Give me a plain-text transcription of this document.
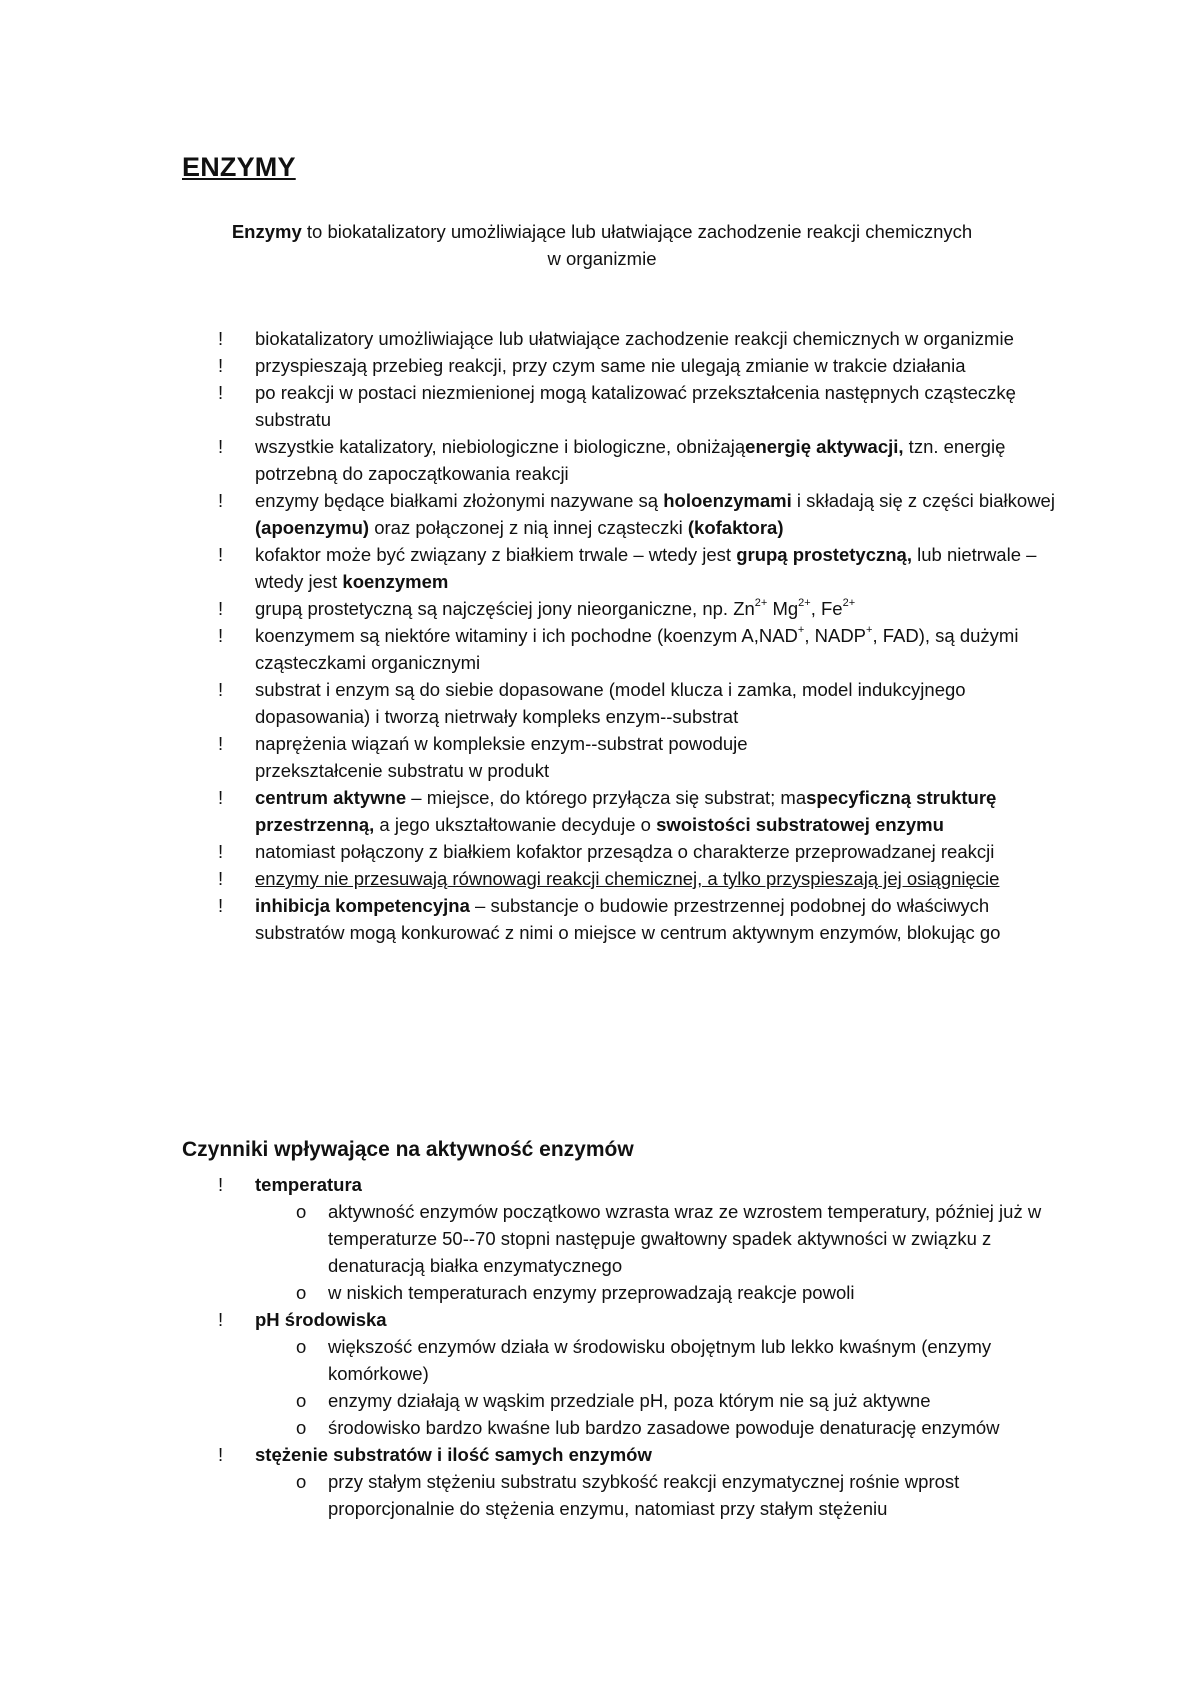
ENZYMY

Enzymy to biokatalizatory umożliwiające lub ułatwiające zachodzenie reakcji chemicznych
w organizmie

! biokatalizatory umożliwiające lub ułatwiające zachodzenie reakcji chemicznych w organizmie
! przyspieszają przebieg reakcji, przy czym same nie ulegają zmianie w trakcie działania
! po reakcji w postaci niezmienionej mogą katalizować przekształcenia następnych cząsteczkę substratu
! wszystkie katalizatory, niebiologiczne i biologiczne, obniżająenergię aktywacji, tzn. energię potrzebną do zapoczątkowania reakcji
! enzymy będące białkami złożonymi nazywane są holoenzymami i składają się z części białkowej (apoenzymu) oraz połączonej z nią innej cząsteczki (kofaktora)
! kofaktor może być związany z białkiem trwale – wtedy jest grupą prostetyczną, lub nietrwale – wtedy jest koenzymem
! grupą prostetyczną są najczęściej jony nieorganiczne, np. $Zn^{2+}$ $Mg^{2+}$, $Fe^{2+}$
! koenzymem są niektóre witaminy i ich pochodne (koenzym A,NAD+, NADP+, FAD), są dużymi cząsteczkami organicznymi
! substrat i enzym są do siebie dopasowane (model klucza i zamka, model indukcyjnego dopasowania) i tworzą nietrwały kompleks enzym--substrat
! naprężenia wiązań w kompleksie enzym--substrat powoduje
przekształcenie substratu w produkt
! centrum aktywne – miejsce, do którego przyłącza się substrat; maspecyficzną strukturę przestrzenną, a jego ukształtowanie decyduje o swoistości substratowej enzymu
! natomiast połączony z białkiem kofaktor przesądza o charakterze przeprowadzanej reakcji
! enzymy nie przesuwają równowagi reakcji chemicznej, a tylko przyspieszają jej osiągnięcie
! inhibicja kompetencyjna – substancje o budowie przestrzennej podobnej do właściwych substratów mogą konkurować z nimi o miejsce w centrum aktywnym enzymów, blokując go
Czynniki wpływające na aktywność enzymów
! temperatura
o aktywność enzymów początkowo wzrasta wraz ze wzrostem temperatury, później już w temperaturze 50--70 stopni następuje gwałtowny spadek aktywności w związku z denaturacją białka enzymatycznego
o w niskich temperaturach enzymy przeprowadzają reakcje powoli
! pH środowiska
o większość enzymów działa w środowisku obojętnym lub lekko kwaśnym (enzymy komórkowe)
o enzymy działają w wąskim przedziale pH, poza którym nie są już aktywne
o środowisko bardzo kwaśne lub bardzo zasadowe powoduje denaturację enzymów
! stężenie substratów i ilość samych enzymów
o przy stałym stężeniu substratu szybkość reakcji enzymatycznej rośnie wprost proporcjonalnie do stężenia enzymu, natomiast przy stałym stężeniu
